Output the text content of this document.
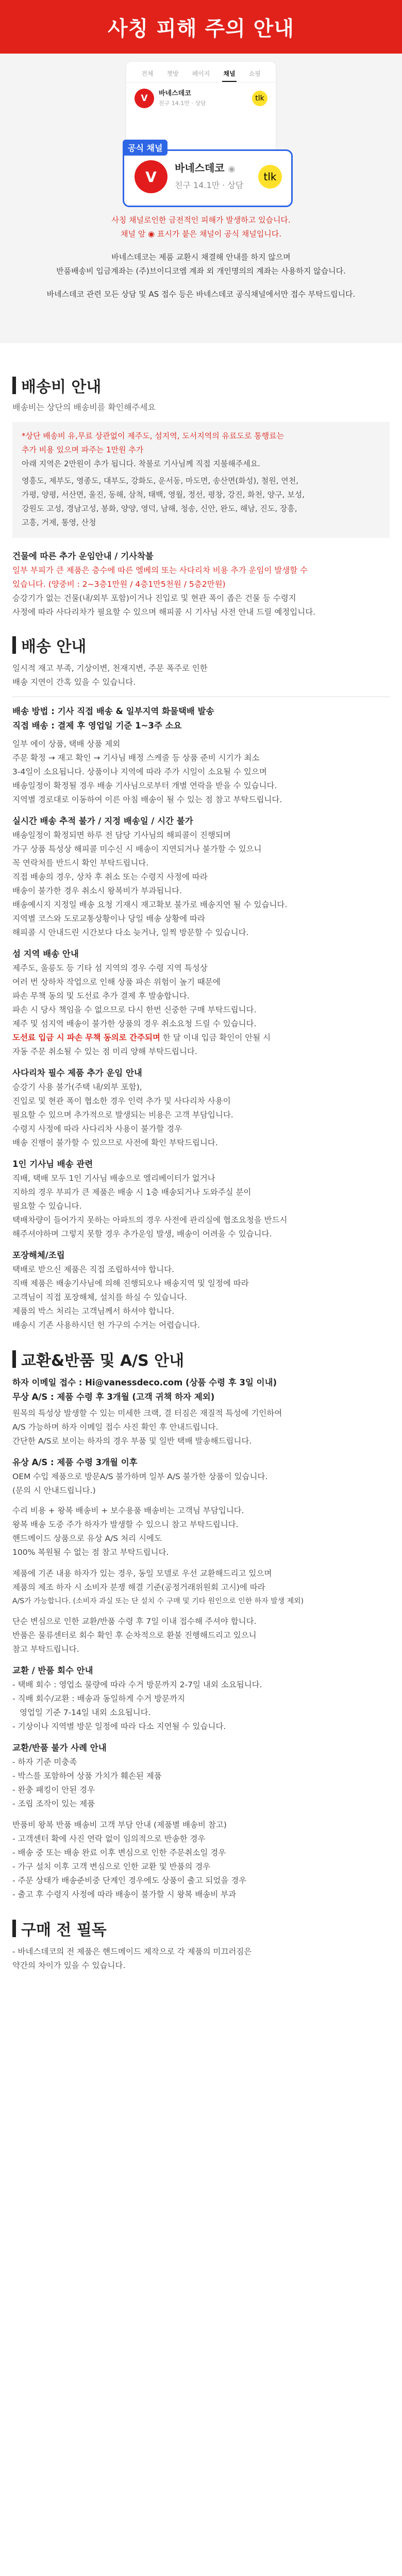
사칭 피해 주의 안내
전체 챗방 페이지 채널 쇼핑
V	바네스데코
친구 14.1만 · 상담
tlk
공식 채널
V
바네스데코 ◉
친구 14.1만 · 상담
tlk
사칭 채널로인한 금전적인 피해가 발생하고 있습니다.
채널 앞 ◉ 표시가 붙은 채널이 공식 채널입니다.
바네스데코는 제품 교환시 채결해 안내를 하지 않으며
반품배송비 입금계좌는 (주)브이디코엠 계좌 외 개인명의의 계좌는 사용하지 않습니다.
바네스데코 관련 모든 상담 및 AS 접수 등은 바네스데코 공식채널에서만 접수 부탁드립니다.
배송비 안내
배송비는 상단의 배송비를 확인해주세요
*상단 배송비 유,무료 상관없이 제주도, 섬지역, 도서지역의 유료도로 통행료는
추가 비용 있으며 파주는 1만원 추가
아래 지역은 2만원이 추가 됩니다. 착불로 기사님께 직접 지불해주세요.
영흥도, 제부도, 영종도, 대부도, 강화도, 운서동, 마도면, 송산면(화성), 철원, 연천,
가평, 양평, 서산면, 울진, 동해, 삼척, 태백, 영월, 정선, 평창, 강진, 화천, 양구, 보성,
강원도 고성, 경남고성, 봉화, 양양, 영덕, 남해, 청송, 신안, 완도, 해남, 진도, 장흥,
고흥, 거제, 통영, 산청
건물에 따른 추가 운임안내 / 기사착불

일부 부피가 큰 제품은 층수에 따른 엘베의 또는 사다리차 비용 추가 운임이 발생할 수

있습니다. (양중비 : 2~3층1만원 / 4층1만5천원 / 5층2만원)

승강기가 없는 건물(내/외부 포함)이거나 진입로 및 현관 폭이 좁은 건물 등 수령지

사정에 따라 사다리차가 필요할 수 있으며 해피콜 시 기사님 사전 안내 드릴 예정입니다.

배송 안내

일시적 재고 부족, 기상이변, 천재지변, 주문 폭주로 인한

배송 지연이 간혹 있을 수 있습니다.

배송 방법 : 기사 직접 배송 & 일부지역 화물택배 발송
직접 배송 : 결제 후 영업일 기준 1~3주 소요

일부 에이 상품, 택배 상품 제외

주문 확정 → 재고 확인 → 기사님 배정 스케줄 등 상품 준비 시기가 최소

3-4일이 소요됩니다. 상품이나 지역에 따라 주가 시일이 소요될 수 있으며

배송일정이 확정될 경우 배송 기사님으로부터 개별 연락을 받을 수 있습니다.

지역별 경로대로 이동하여 이른 아침 배송이 될 수 있는 점 참고 부탁드립니다.

실시간 배송 추적 불가 / 지정 배송일 / 시간 불가

배송일정이 확정되면 하루 전 담당 기사님의 해피콜이 진행되며

가구 상품 특성상 해피콜 미수신 시 배송이 지연되거나 불가할 수 있으니

꼭 연락처를 반드시 확인 부탁드립니다.

직접 배송의 경우, 상차 후 취소 또는 수령지 사정에 따라

배송이 불가한 경우 취소시 왕복비가 부과됩니다.

배송예시지 지정일 배송 요청 기재시 재고확보 불가로 배송지연 될 수 있습니다.

지역별 코스와 도로교통상황이나 당일 배송 상황에 따라

해피콜 시 안내드린 시간보다 다소 늦거나, 일찍 방문할 수 있습니다.

섬 지역 배송 안내

제주도, 울릉도 등 기타 섬 지역의 경우 수령 지역 특성상

여러 번 상하차 작업으로 인해 상품 파손 위험이 높기 때문에

파손 무책 동의 및 도선료 추가 결제 후 발송합니다.

파손 시 당사 책임을 수 없으므로 다시 한번 신중한 구매 부탁드립니다.

제주 및 섬지역 배송이 불가한 상품의 경우 취소요청 드릴 수 있습니다.

도선료 입금 시 파손 무책 동의로 간주되며 한 달 이내 입금 확인이 안될 시

자동 주문 취소될 수 있는 점 미리 양해 부탁드립니다.

사다리차 필수 제품 추가 운임 안내

승강기 사용 불가(주택 내/외부 포함),

진입로 및 현관 폭이 협소한 경우 인력 추가 및 사다리차 사용이

필요할 수 있으며 추가적으로 발생되는 비용은 고객 부담입니다.

수령지 사정에 따라 사다리차 사용이 불가할 경우

배송 진행이 불가할 수 있으므로 사전에 확인 부탁드립니다.

1인 기사님 배송 관련

직배, 택배 모두 1인 기사님 배송으로 엘리베이터가 없거나

지하의 경우 부피가 큰 제품은 배송 시 1층 배송되거나 도와주실 분이

필요할 수 있습니다.

택배차량이 들어가지 못하는 아파트의 경우 사전에 관리실에 협조요청을 반드시

해주셔야하며 그렇지 못할 경우 추가운임 발생, 배송이 어려울 수 있습니다.

포장해체/조립

택배로 받으신 제품은 직접 조립하셔야 합니다.

직배 제품은 배송기사님에 의해 진행되오나 배송지역 및 일정에 따라

고객님이 직접 포장해체, 설치를 하실 수 있습니다.

제품의 박스 처리는 고객님께서 하셔야 합니다.

배송시 기존 사용하시던 헌 가구의 수거는 어렵습니다.

교환&반품 및 A/S 안내
하자 이메일 접수 : Hi@vanessdeco.com (상품 수령 후 3일 이내)
무상 A/S : 제품 수령 후 3개월 (고객 귀책 하자 제외)

원목의 특성상 발생할 수 있는 미세한 크랙, 결 터짐은 재질적 특성에 기인하여

A/S 가능하며 하자 이메일 접수 사진 확인 후 안내드립니다.

간단한 A/S로 보이는 하자의 경우 부품 및 일반 택배 발송해드립니다.

유상 A/S : 제품 수령 3개월 이후

OEM 수입 제품으로 방문A/S 불가하며 일부 A/S 불가한 상품이 있습니다.

(문의 시 안내드립니다.)

수리 비용 + 왕복 배송비 + 보수용품 배송비는 고객님 부담입니다.

왕복 배송 도중 주가 하자가 발생할 수 있으니 참고 부탁드립니다.

핸드메이드 상품으로 유상 A/S 처리 시에도

100% 복원될 수 없는 점 참고 부탁드립니다.

제품에 기존 내용 하자가 있는 경우, 동일 모델로 우선 교환해드리고 있으며

제품의 제조 하자 시 소비자 분쟁 해결 기준(공정거래위원회 고시)에 따라

A/S가 가능합니다. (소비자 과실 또는 단 설치 수 구매 및 기타 원인으로 인한 하자 발생 제외)

단순 변심으로 인한 교환/반품 수령 후 7일 이내 접수해 주셔야 합니다.

반품은 물류센터로 회수 확인 후 순차적으로 환불 진행해드리고 있으니

참고 부탁드립니다.

교환 / 반품 회수 안내

- 택배 회수 : 영업소 물량에 따라 수거 방문까지 2-7일 내외 소요됩니다.

- 직배 회수/교환 : 배송과 동일하게 수거 방문까지

영업일 기준 7-14일 내외 소요됩니다.

- 기상이나 지역별 방문 일정에 따라 다소 지연될 수 있습니다.

교환/반품 불가 사례 안내

- 하자 기준 미충족

- 박스를 포함하여 상품 가치가 훼손된 제품

- 완충 패킹이 안된 경우

- 조립 조작이 있는 제품

반품비 왕복 반품 배송비 고객 부담 안내 (제품별 배송비 참고)

- 고객센터 확에 사진 연락 없이 임의적으로 반송한 경우

- 배송 중 또는 배송 완료 이후 변심으로 인한 주문취소일 경우

- 가구 설치 이후 고객 변심으로 인한 교환 및 반품의 경우

- 주문 상태가 배송준비중 단계인 경우에도 상품이 출고 되었을 경우

- 출고 후 수령지 사정에 따라 배송이 불가할 시 왕복 배송비 부과

구매 전 필독

- 바네스데코의 전 제품은 핸드메이드 제작으로 각 제품의 미끄러짐은

약간의 차이가 있을 수 있습니다.
